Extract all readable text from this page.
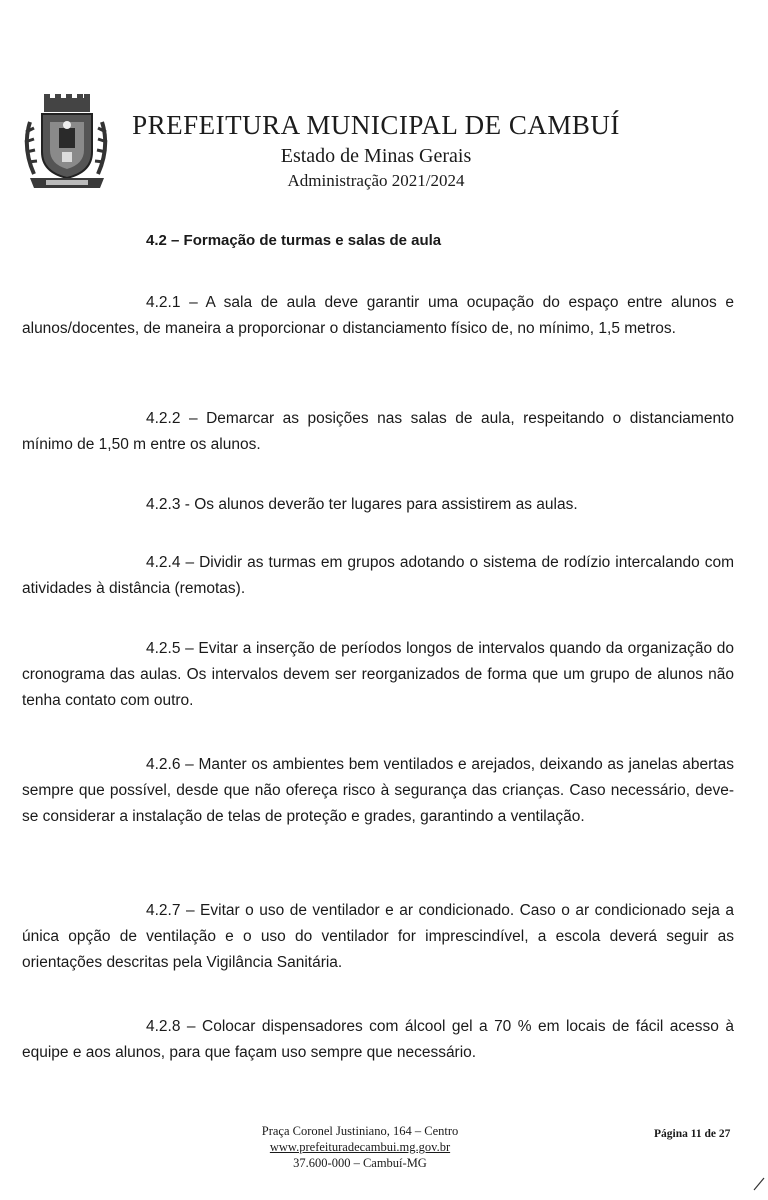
PREFEITURA MUNICIPAL DE CAMBUÍ
Estado de Minas Gerais
Administração 2021/2024
4.2 – Formação de turmas e salas de aula
4.2.1 – A sala de aula deve garantir uma ocupação do espaço entre alunos e alunos/docentes, de maneira a proporcionar o distanciamento físico de, no mínimo, 1,5 metros.
4.2.2 – Demarcar as posições nas salas de aula, respeitando o distanciamento mínimo de 1,50 m entre os alunos.
4.2.3 - Os alunos deverão ter lugares para assistirem as aulas.
4.2.4 – Dividir as turmas em grupos adotando o sistema de rodízio intercalando com atividades à distância (remotas).
4.2.5 – Evitar a inserção de períodos longos de intervalos quando da organização do cronograma das aulas. Os intervalos devem ser reorganizados de forma que um grupo de alunos não tenha contato com outro.
4.2.6 – Manter os ambientes bem ventilados e arejados, deixando as janelas abertas sempre que possível, desde que não ofereça risco à segurança das crianças. Caso necessário, deve-se considerar a instalação de telas de proteção e grades, garantindo a ventilação.
4.2.7 – Evitar o uso de ventilador e ar condicionado. Caso o ar condicionado seja a única opção de ventilação e o uso do ventilador for imprescindível, a escola deverá seguir as orientações descritas pela Vigilância Sanitária.
4.2.8 – Colocar dispensadores com álcool gel a 70 % em locais de fácil acesso à equipe e aos alunos, para que façam uso sempre que necessário.
Praça Coronel Justiniano, 164 – Centro
www.prefeituradecambui.mg.gov.br
37.600-000 – Cambuí-MG
Página 11 de 27
